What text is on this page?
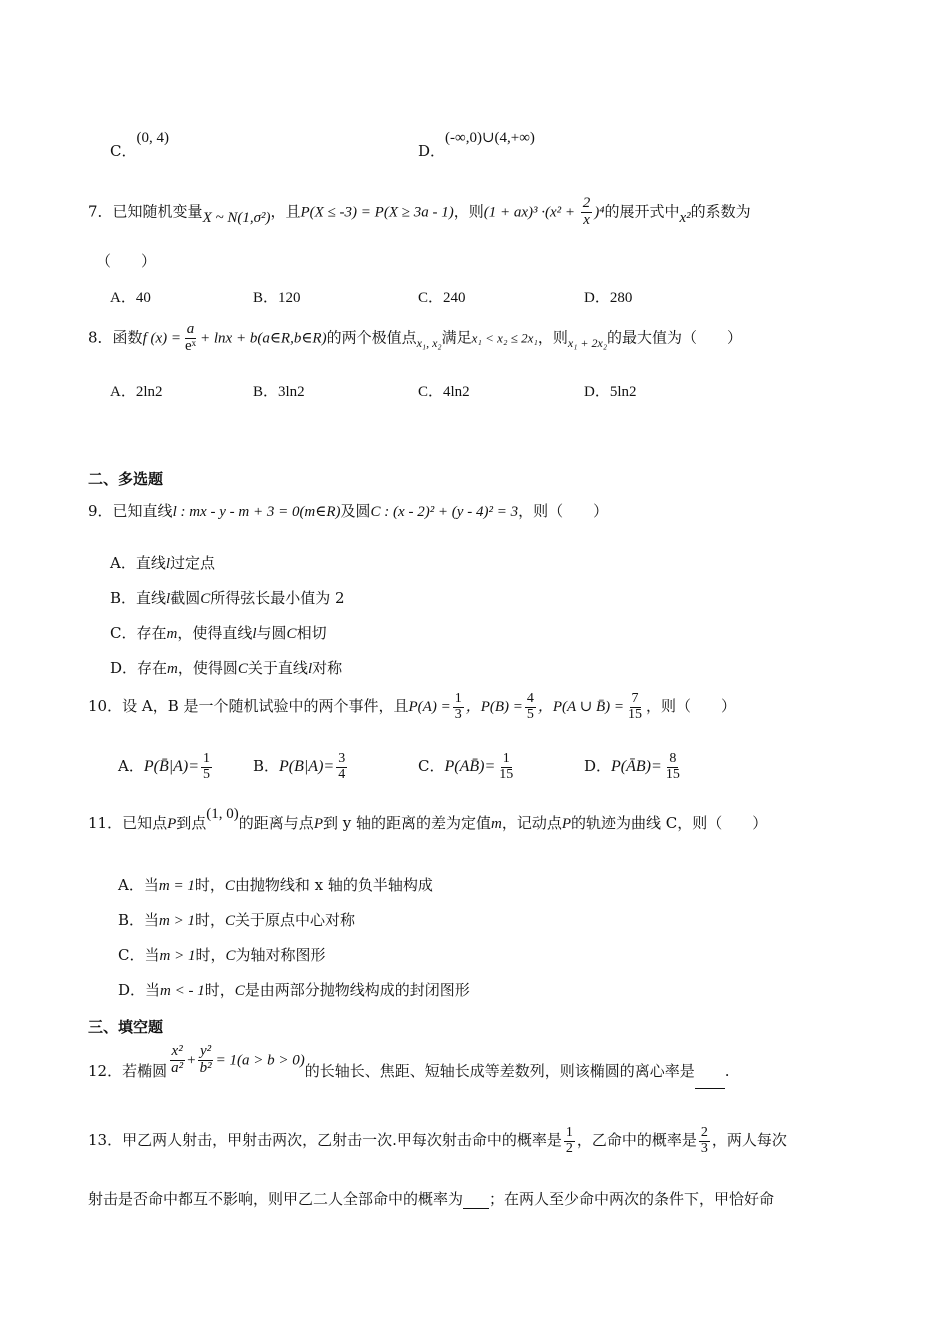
C．(0, 4)
D．(-∞,0)∪(4,+∞)
7．已知随机变量X ~ N(1,σ²)，且P(X ≤ -3) = P(X ≥ 3a - 1)，则$(1 + ax)^3 \cdot(x^2 + \frac{2}{x} )^4$的展开式中x²的系数为
（　　）
A．40	B．120	C．240	D．280
8．函数f $(x) = \frac{a}{\text{eˣ}} + \ln x$ + b(a∈R,b∈R)的两个极值点$_{x_1, x_2}$满足x₁ < x₂ ≤ 2x₁，则$_{x_1 + 2x_2}$的最大值为（　　）
A．2ln2	B．3ln2	C．4ln2	D．5ln2
二、多选题
9．已知直线l : mx - y - m + 3 = 0(m∈R)及圆C : (x - 2)² + (y - 4)² = 3，则（　　）
A．直线l过定点
B．直线l截圆C所得弦长最小值为 2
C．存在m，使得直线l与圆C相切
D．存在m，使得圆C关于直线l对称
10．设 A，B 是一个随机试验中的两个事件，且$P(A) = \frac{1}{3}$ ，$P(B) = \frac{4}{5}$ ，P(A ∪ B̄) = $\frac{7}{15}$ ，则（　　）
A．P(B̄|A)= $\frac{1}{5}$	B．$P(B|A)= \frac{3}{4}$	C．P(AB̄)= $\frac{1}{15}$	D．P(ĀB)= $\frac{8}{15}$
11．已知点P到点(1, 0)的距离与点P到 y 轴的距离的差为定值m，记动点P的轨迹为曲线 C，则（　　）
A．当m = 1时，C由抛物线和 x 轴的负半轴构成
B．当m > 1时，C关于原点中心对称
C．当m > 1时，C为轴对称图形
D．当m < - 1时，C是由两部分抛物线构成的封闭图形
三、填空题
12．若椭圆 $\frac{\text{x²}}{\text{a²}} + \frac{\text{y²}}{\text{b²}} = 1(a > b > 0)$的长轴长、焦距、短轴长成等差数列，则该椭圆的离心率是 .
13．甲乙两人射击，甲射击两次，乙射击一次.甲每次射击命中的概率是 $\frac{1}{2}$ ，乙命中的概率是 $\frac{2}{3}$ ，两人每次
射击是否命中都互不影响，则甲乙二人全部命中的概率为 ；在两人至少命中两次的条件下，甲恰好命
